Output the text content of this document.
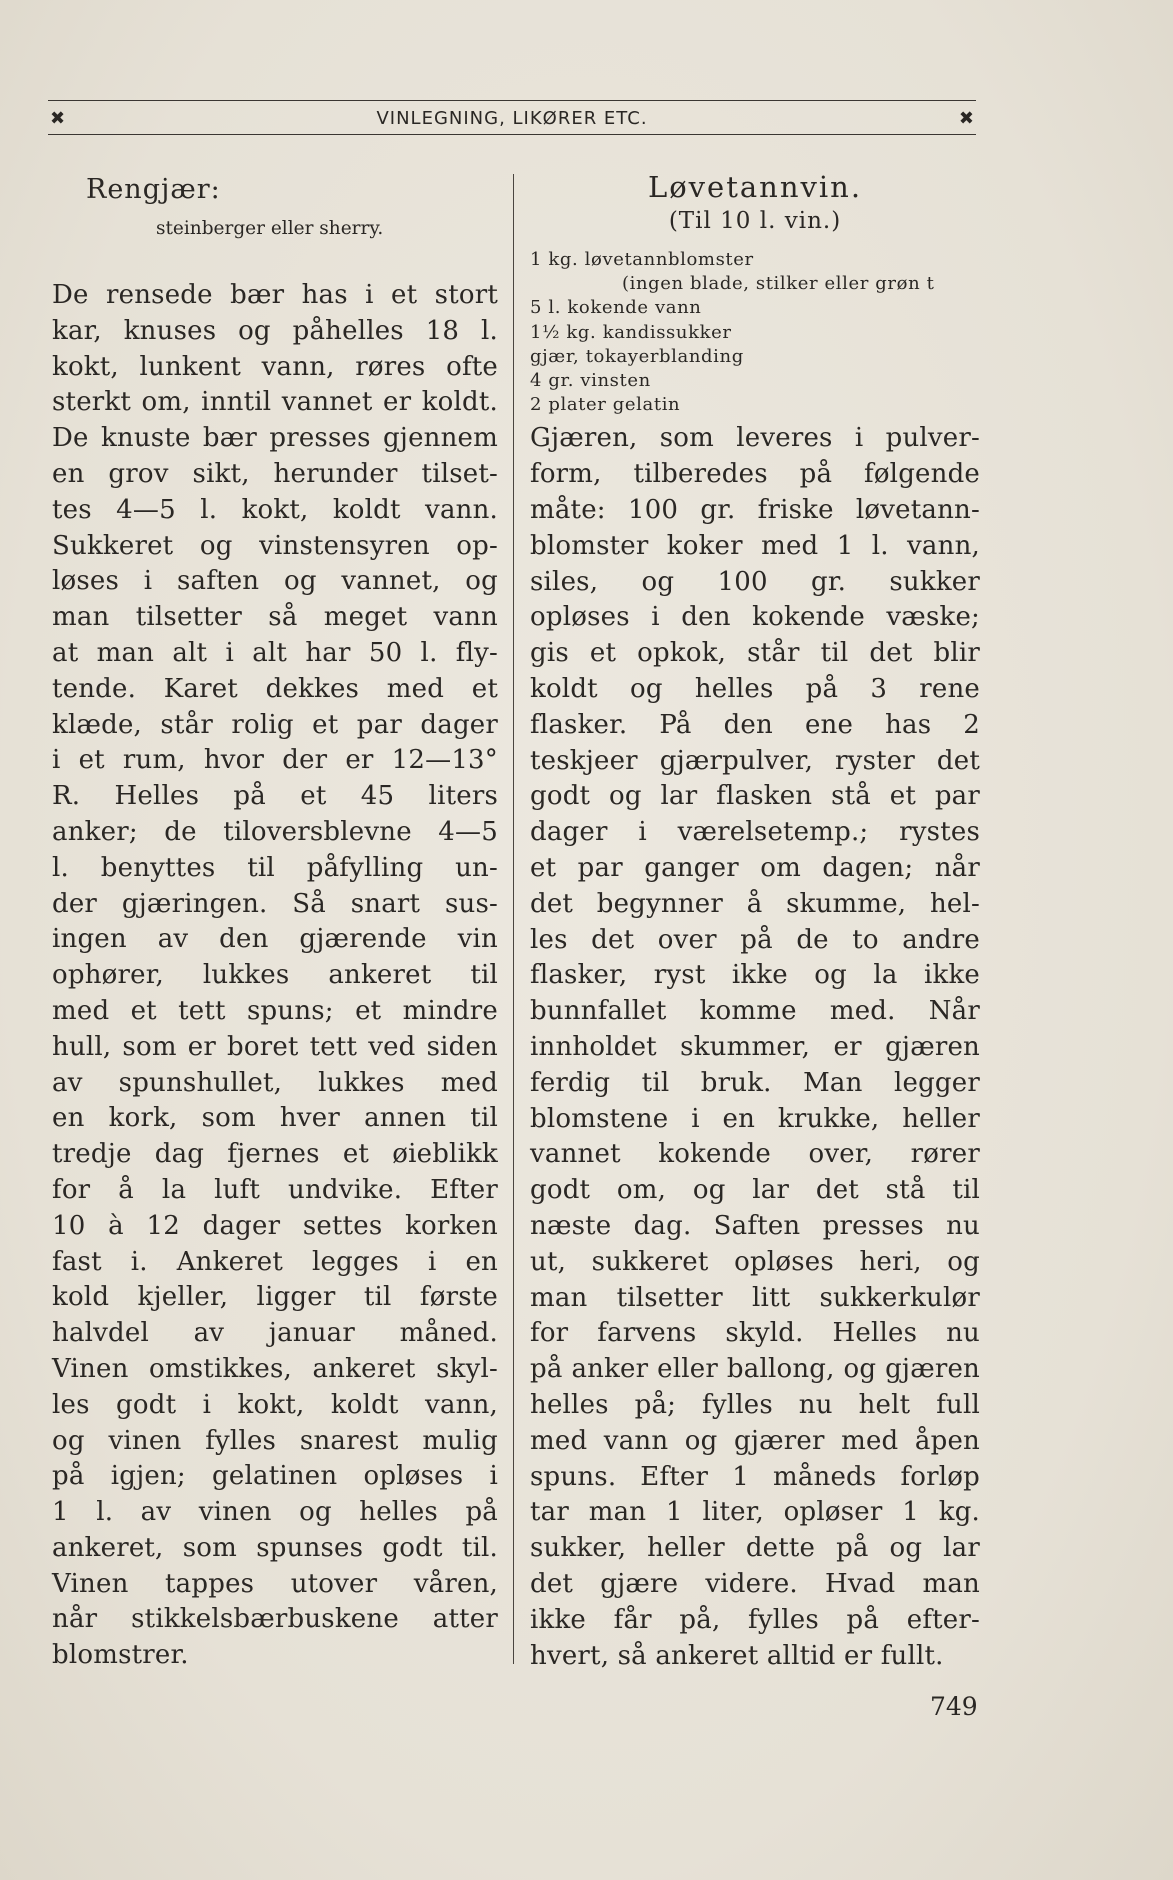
✖	VINLEGNING, LIKØRER ETC.	✖
Rengjær:
steinberger eller sherry.
De rensede bær has i et stort
kar, knuses og påhelles 18 l.
kokt, lunkent vann, røres ofte
sterkt om, inntil vannet er koldt.
De knuste bær presses gjennem
en grov sikt, herunder tilset-
tes 4—5 l. kokt, koldt vann.
Sukkeret og vinstensyren op-
løses i saften og vannet, og
man tilsetter så meget vann
at man alt i alt har 50 l. fly-
tende. Karet dekkes med et
klæde, står rolig et par dager
i et rum, hvor der er 12—13°
R. Helles på et 45 liters
anker; de tiloversblevne 4—5
l. benyttes til påfylling un-
der gjæringen. Så snart sus-
ingen av den gjærende vin
ophører, lukkes ankeret til
med et tett spuns; et mindre
hull, som er boret tett ved siden
av spunshullet, lukkes med
en kork, som hver annen til
tredje dag fjernes et øieblikk
for å la luft undvike. Efter
10 à 12 dager settes korken
fast i. Ankeret legges i en
kold kjeller, ligger til første
halvdel av januar måned.
Vinen omstikkes, ankeret skyl-
les godt i kokt, koldt vann,
og vinen fylles snarest mulig
på igjen; gelatinen opløses i
1 l. av vinen og helles på
ankeret, som spunses godt til.
Vinen tappes utover våren,
når stikkelsbærbuskene atter
blomstrer.
Løvetannvin.
(Til 10 l. vin.)
1 kg. løvetannblomster
(ingen blade, stilker eller grøn t
5 l. kokende vann
1½ kg. kandissukker
gjær, tokayerblanding
4 gr. vinsten
2 plater gelatin
Gjæren, som leveres i pulver-
form, tilberedes på følgende
måte: 100 gr. friske løvetann-
blomster koker med 1 l. vann,
siles, og 100 gr. sukker
opløses i den kokende væske;
gis et opkok, står til det blir
koldt og helles på 3 rene
flasker. På den ene has 2
teskjeer gjærpulver, ryster det
godt og lar flasken stå et par
dager i værelsetemp.; rystes
et par ganger om dagen; når
det begynner å skumme, hel-
les det over på de to andre
flasker, ryst ikke og la ikke
bunnfallet komme med. Når
innholdet skummer, er gjæren
ferdig til bruk. Man legger
blomstene i en krukke, heller
vannet kokende over, rører
godt om, og lar det stå til
næste dag. Saften presses nu
ut, sukkeret opløses heri, og
man tilsetter litt sukkerkulør
for farvens skyld. Helles nu
på anker eller ballong, og gjæren
helles på; fylles nu helt full
med vann og gjærer med åpen
spuns. Efter 1 måneds forløp
tar man 1 liter, opløser 1 kg.
sukker, heller dette på og lar
det gjære videre. Hvad man
ikke får på, fylles på efter-
hvert, så ankeret alltid er fullt.
749
